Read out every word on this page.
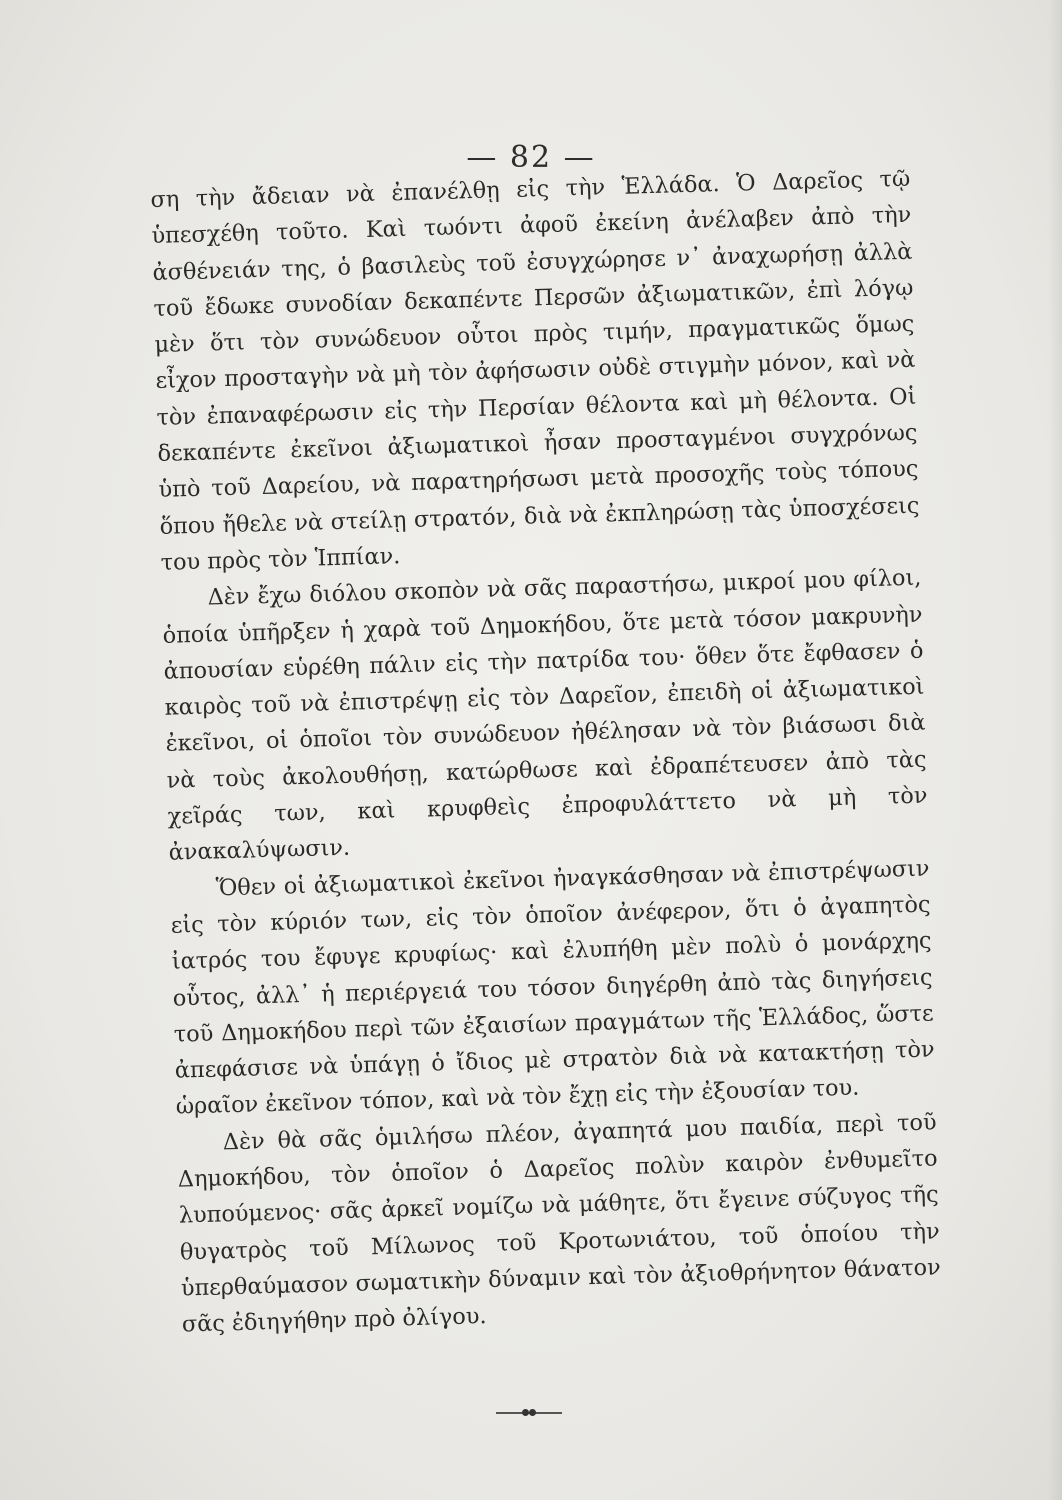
— 82 —

ση τὴν ἄδειαν νὰ ἐπανέλθῃ εἰς τὴν Ἑλλάδα. Ὁ Δαρεῖος τῷ ὑπεσχέθη τοῦτο. Καὶ τωόντι ἀφοῦ ἐκείνη ἀνέλαβεν ἀπὸ τὴν ἀσθένειάν της, ὁ βασιλεὺς τοῦ ἐσυγχώρησε ν᾽ ἀναχωρήσῃ ἀλλὰ τοῦ ἔδωκε συνοδίαν δεκαπέντε Περσῶν ἀξιωματικῶν, ἐπὶ λόγῳ μὲν ὅτι τὸν συνώδευον οὗτοι πρὸς τιμήν, πραγματικῶς ὅμως εἶχον προσταγὴν νὰ μὴ τὸν ἀφήσωσιν οὐδὲ στιγμὴν μόνον, καὶ νὰ τὸν ἐπαναφέρωσιν εἰς τὴν Περσίαν θέλοντα καὶ μὴ θέλοντα. Οἱ δεκαπέντε ἐκεῖνοι ἀξιωματικοὶ ἦσαν προσταγμένοι συγχρόνως ὑπὸ τοῦ Δαρείου, νὰ παρατηρήσωσι μετὰ προσοχῆς τοὺς τόπους ὅπου ἤθελε νὰ στείλῃ στρατόν, διὰ νὰ ἐκπληρώσῃ τὰς ὑποσχέσεις του πρὸς τὸν Ἱππίαν.

Δὲν ἔχω διόλου σκοπὸν νὰ σᾶς παραστήσω, μικροί μου φίλοι, ὁποία ὑπῆρξεν ἡ χαρὰ τοῦ Δημοκήδου, ὅτε μετὰ τόσον μακρυνὴν ἀπουσίαν εὑρέθη πάλιν εἰς τὴν πατρίδα του· ὅθεν ὅτε ἔφθασεν ὁ καιρὸς τοῦ νὰ ἐπιστρέψῃ εἰς τὸν Δαρεῖον, ἐπειδὴ οἱ ἀξιωματικοὶ ἐκεῖνοι, οἱ ὁποῖοι τὸν συνώδευον ἠθέλησαν νὰ τὸν βιάσωσι διὰ νὰ τοὺς ἀκολουθήσῃ, κατώρθωσε καὶ ἐδραπέτευσεν ἀπὸ τὰς χεῖράς των, καὶ κρυφθεὶς ἐπροφυλάττετο νὰ μὴ τὸν ἀνακαλύψωσιν.

Ὅθεν οἱ ἀξιωματικοὶ ἐκεῖνοι ἠναγκάσθησαν νὰ ἐπιστρέψωσιν εἰς τὸν κύριόν των, εἰς τὸν ὁποῖον ἀνέφερον, ὅτι ὁ ἀγαπητὸς ἰατρός του ἔφυγε κρυφίως· καὶ ἐλυπήθη μὲν πολὺ ὁ μονάρχης οὗτος, ἀλλ᾽ ἡ περιέργειά του τόσον διηγέρθη ἀπὸ τὰς διηγήσεις τοῦ Δημοκήδου περὶ τῶν ἐξαισίων πραγμάτων τῆς Ἑλλάδος, ὥστε ἀπεφάσισε νὰ ὑπάγῃ ὁ ἴδιος μὲ στρατὸν διὰ νὰ κατακτήσῃ τὸν ὡραῖον ἐκεῖνον τόπον, καὶ νὰ τὸν ἔχῃ εἰς τὴν ἐξουσίαν του.

Δὲν θὰ σᾶς ὁμιλήσω πλέον, ἀγαπητά μου παιδία, περὶ τοῦ Δημοκήδου, τὸν ὁποῖον ὁ Δαρεῖος πολὺν καιρὸν ἐνθυμεῖτο λυπούμενος· σᾶς ἀρκεῖ νομίζω νὰ μάθητε, ὅτι ἔγεινε σύζυγος τῆς θυγατρὸς τοῦ Μίλωνος τοῦ Κροτωνιάτου, τοῦ ὁποίου τὴν ὑπερθαύμασον σωματικὴν δύναμιν καὶ τὸν ἀξιοθρήνητον θάνατον σᾶς ἐδιηγήθην πρὸ ὀλίγου.
